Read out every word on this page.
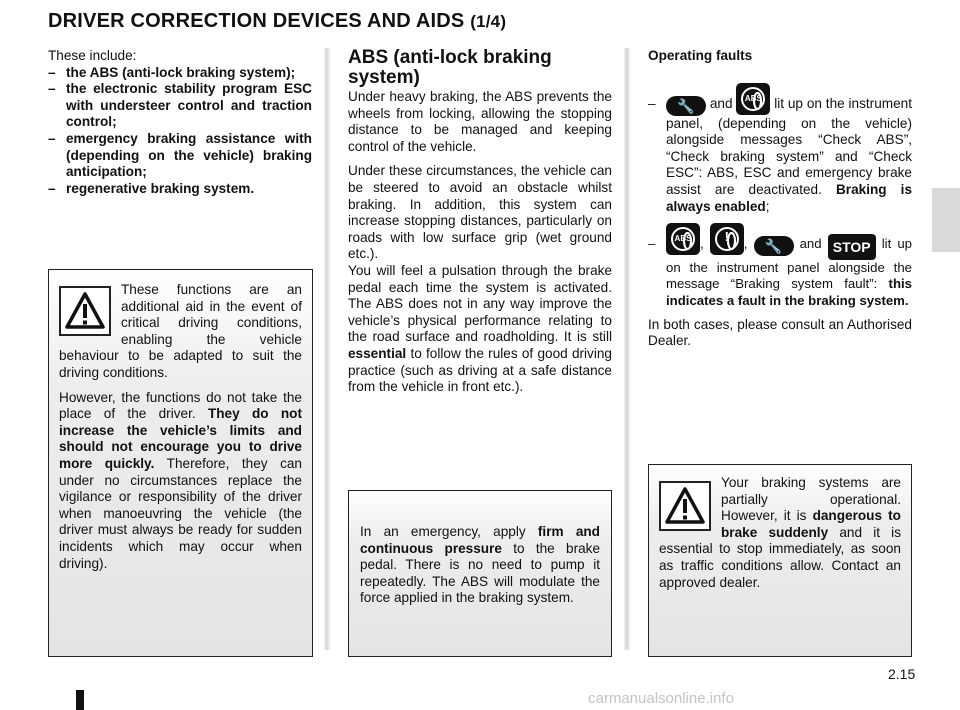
DRIVER CORRECTION DEVICES AND AIDS (1/4)

These include:

– the ABS (anti-lock braking system);
– the electronic stability program ESC with understeer control and traction control;
– emergency braking assistance with (depending on the vehicle) braking anticipation;
– regenerative braking system.

These functions are an additional aid in the event of critical driving conditions, enabling the vehicle behaviour to be adapted to suit the driving conditions.

However, the functions do not take the place of the driver. They do not increase the vehicle’s limits and should not encourage you to drive more quickly. Therefore, they can under no circumstances replace the vigilance or responsibility of the driver when manoeuvring the vehicle (the driver must always be ready for sudden incidents which may occur when driving).

ABS (anti-lock braking system)

Under heavy braking, the ABS prevents the wheels from locking, allowing the stopping distance to be managed and keeping control of the vehicle.

Under these circumstances, the vehicle can be steered to avoid an obstacle whilst braking. In addition, this system can increase stopping distances, particularly on roads with low surface grip (wet ground etc.).

You will feel a pulsation through the brake pedal each time the system is activated. The ABS does not in any way improve the vehicle’s physical performance relating to the road surface and roadholding. It is still essential to follow the rules of good driving practice (such as driving at a safe distance from the vehicle in front etc.).

In an emergency, apply firm and continuous pressure to the brake pedal. There is no need to pump it repeatedly. The ABS will modulate the force applied in the braking system.

Operating faults
– 🔧 and	ABS lit up on the instrument panel, (depending on the vehicle) alongside messages “Check ABS”, “Check braking system” and “Check ESC”: ABS, ESC and emergency brake assist are deactivated. Braking is always enabled;
–	ABS ,	!	, 🔧 and STOP lit up on the instrument panel alongside the message “Braking system fault”: this indicates a fault in the braking system.

In both cases, please consult an Authorised Dealer.

Your braking systems are partially operational. However, it is dangerous to brake suddenly and it is essential to stop immediately, as soon as traffic conditions allow. Contact an approved dealer.

2.15
carmanualsonline.info
